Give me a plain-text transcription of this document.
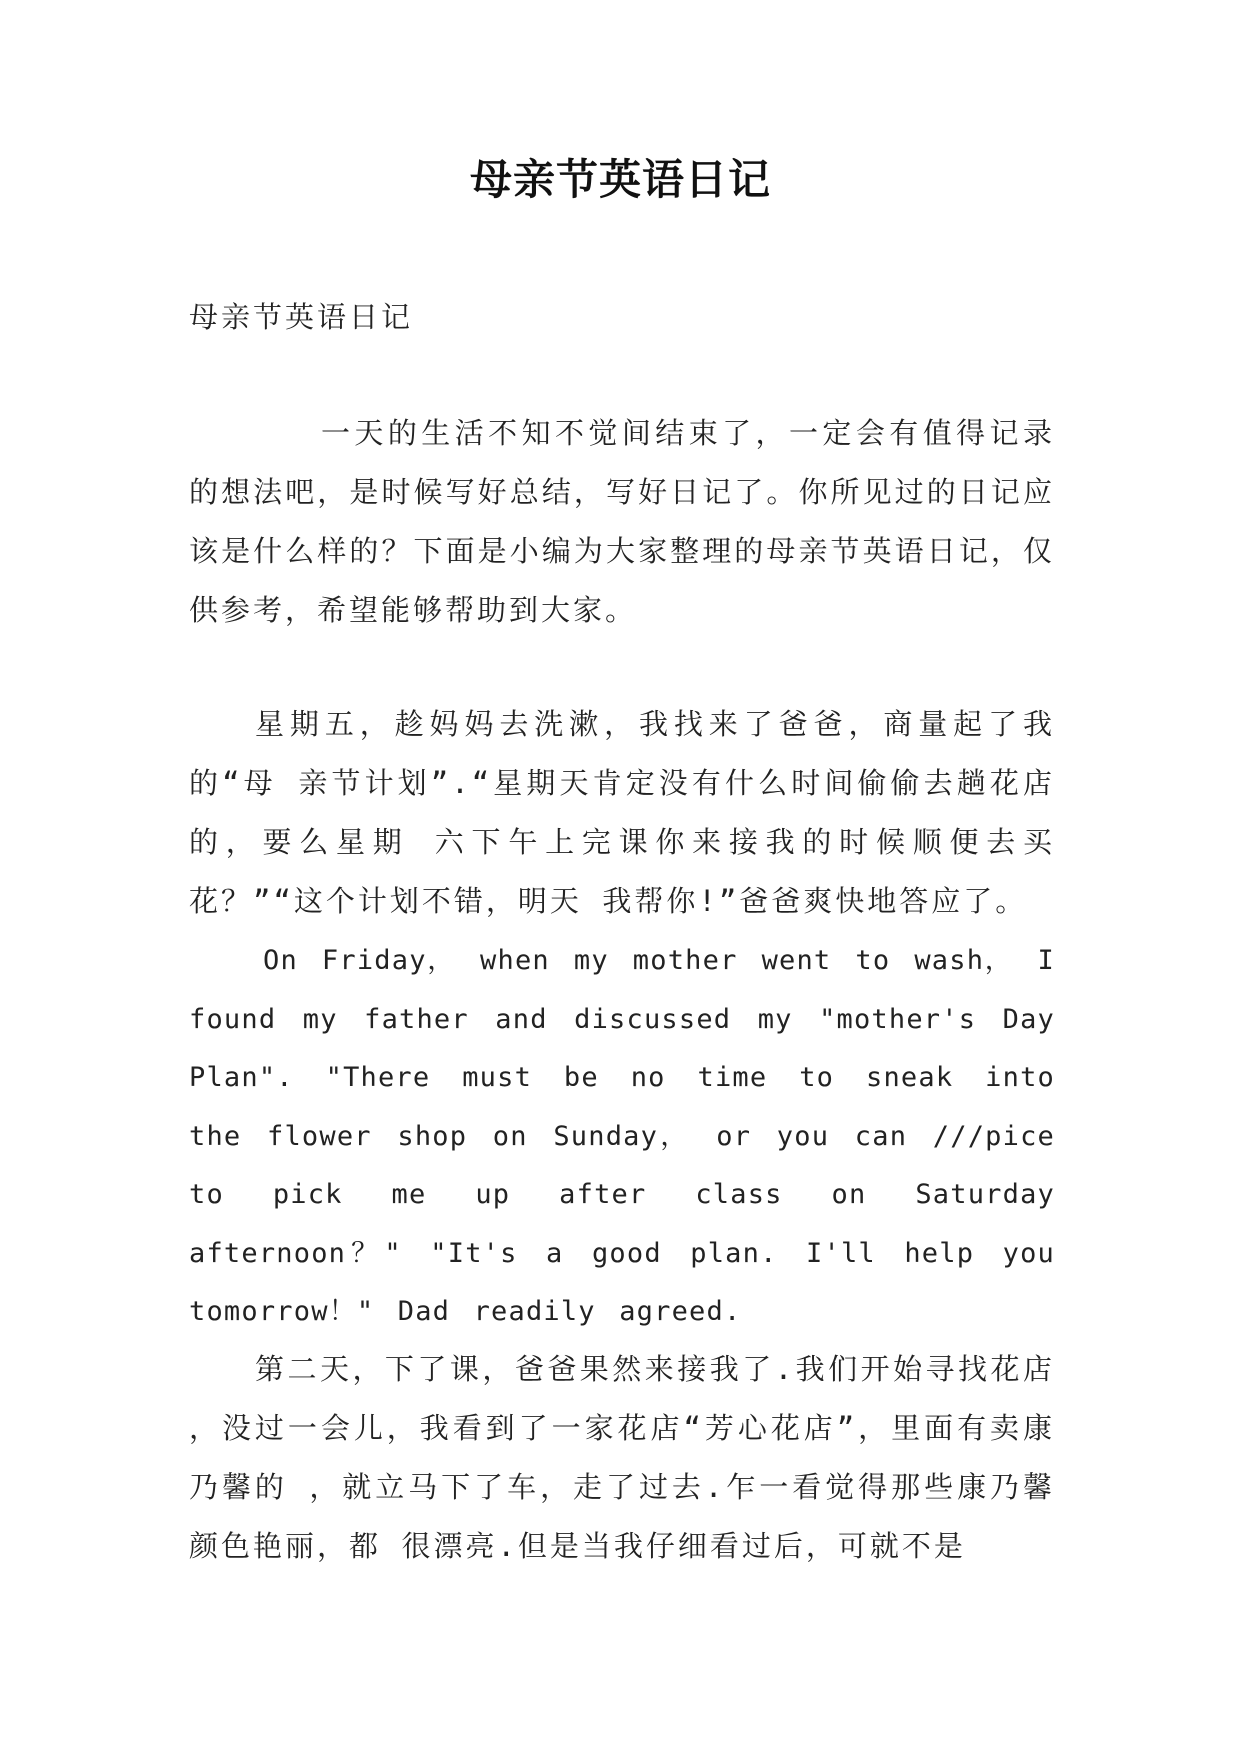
母亲节英语日记

母亲节英语日记

一天的生活不知不觉间结束了，一定会有值得记录的想法吧，是时候写好总结，写好日记了。你所见过的日记应该是什么样的？下面是小编为大家整理的母亲节英语日记，仅供参考，希望能够帮助到大家。

星期五，趁妈妈去洗漱，我找来了爸爸，商量起了我的“母 亲节计划”.“星期天肯定没有什么时间偷偷去趟花店的，要么星期 六下午上完课你来接我的时候顺便去买花？”“这个计划不错，明天 我帮你!”爸爸爽快地答应了。

On Friday， when my mother went to wash， I found my father and discussed my "mother's Day Plan". "There must be no time to sneak into the flower shop on Sunday， or you can ///pice to pick me up after class on Saturday afternoon？" "It's a good plan. I'll help you tomorrow！" Dad readily agreed.

第二天，下了课，爸爸果然来接我了.我们开始寻找花店 ，没过一会儿，我看到了一家花店“芳心花店”，里面有卖康乃馨的 ，就立马下了车，走了过去.乍一看觉得那些康乃馨颜色艳丽，都 很漂亮.但是当我仔细看过后，可就不是
